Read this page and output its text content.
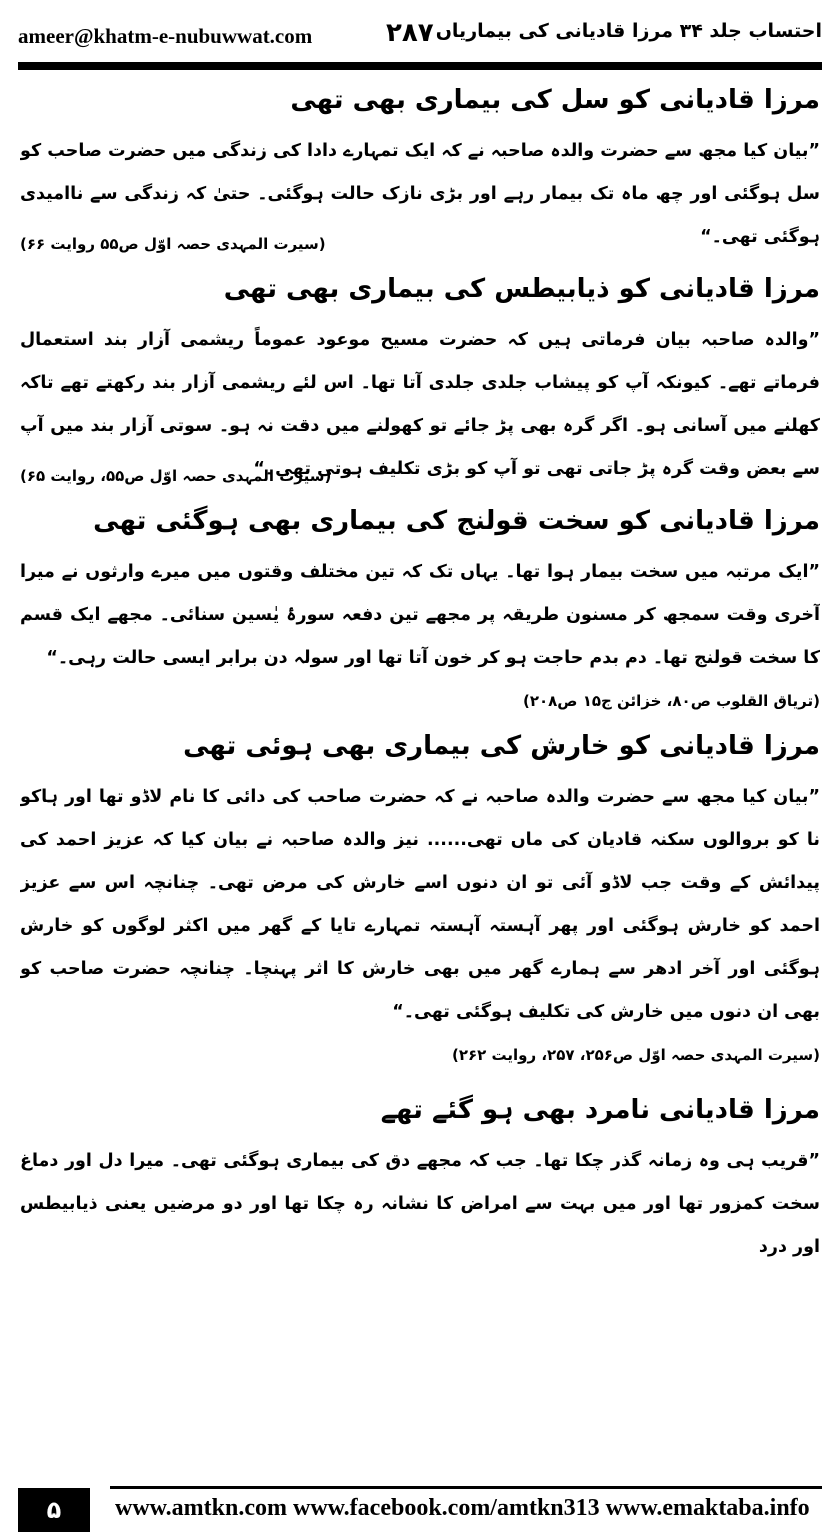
ameer@khatm-e-nubuwwat.com	۲۸۷ احتساب جلد ۳۴ مرزا قادیانی کی بیماریاں
مرزا قادیانی کو سل کی بیماری بھی تھی

”بیان کیا مجھ سے حضرت والدہ صاحبہ نے کہ ایک تمہارے دادا کی زندگی میں حضرت صاحب کو سل ہوگئی اور چھ ماہ تک بیمار رہے اور بڑی نازک حالت ہوگئی۔ حتیٰ کہ زندگی سے ناامیدی ہوگئی تھی۔“

(سیرت المہدی حصہ اوّل ص۵۵ روایت ۶۶)
مرزا قادیانی کو ذیابیطس کی بیماری بھی تھی

”والدہ صاحبہ بیان فرماتی ہیں کہ حضرت مسیح موعود عموماً ریشمی آزار بند استعمال فرماتے تھے۔ کیونکہ آپ کو پیشاب جلدی جلدی آتا تھا۔ اس لئے ریشمی آزار بند رکھتے تھے تاکہ کھلنے میں آسانی ہو۔ اگر گرہ بھی پڑ جائے تو کھولنے میں دقت نہ ہو۔ سوتی آزار بند میں آپ سے بعض وقت گرہ پڑ جاتی تھی تو آپ کو بڑی تکلیف ہوتی تھی۔“

(سیرت المہدی حصہ اوّل ص۵۵، روایت ۶۵)
مرزا قادیانی کو سخت قولنج کی بیماری بھی ہوگئی تھی

”ایک مرتبہ میں سخت بیمار ہوا تھا۔ یہاں تک کہ تین مختلف وقتوں میں میرے وارثوں نے میرا آخری وقت سمجھ کر مسنون طریقہ پر مجھے تین دفعہ سورۂ یٰسین سنائی۔ مجھے ایک قسم کا سخت قولنج تھا۔ دم بدم حاجت ہو کر خون آتا تھا اور سولہ دن برابر ایسی حالت رہی۔“

(تریاق القلوب ص۸۰، خزائن ج۱۵ ص۲۰۸)
مرزا قادیانی کو خارش کی بیماری بھی ہوئی تھی

”بیان کیا مجھ سے حضرت والدہ صاحبہ نے کہ حضرت صاحب کی دائی کا نام لاڈو تھا اور ہاکو نا کو بروالوں سکنہ قادیان کی ماں تھی...... نیز والدہ صاحبہ نے بیان کیا کہ عزیز احمد کی پیدائش کے وقت جب لاڈو آئی تو ان دنوں اسے خارش کی مرض تھی۔ چنانچہ اس سے عزیز احمد کو خارش ہوگئی اور پھر آہستہ آہستہ تمہارے تایا کے گھر میں اکثر لوگوں کو خارش ہوگئی اور آخر ادھر سے ہمارے گھر میں بھی خارش کا اثر پہنچا۔ چنانچہ حضرت صاحب کو بھی ان دنوں میں خارش کی تکلیف ہوگئی تھی۔“

(سیرت المہدی حصہ اوّل ص۲۵۶، ۲۵۷، روایت ۲۶۲)
مرزا قادیانی نامرد بھی ہو گئے تھے

”قریب ہی وہ زمانہ گذر چکا تھا۔ جب کہ مجھے دق کی بیماری ہوگئی تھی۔ میرا دل اور دماغ سخت کمزور تھا اور میں بہت سے امراض کا نشانہ رہ چکا تھا اور دو مرضیں یعنی ذیابیطس اور درد

۵	www.amtkn.com www.facebook.com/amtkn313 www.emaktaba.info
